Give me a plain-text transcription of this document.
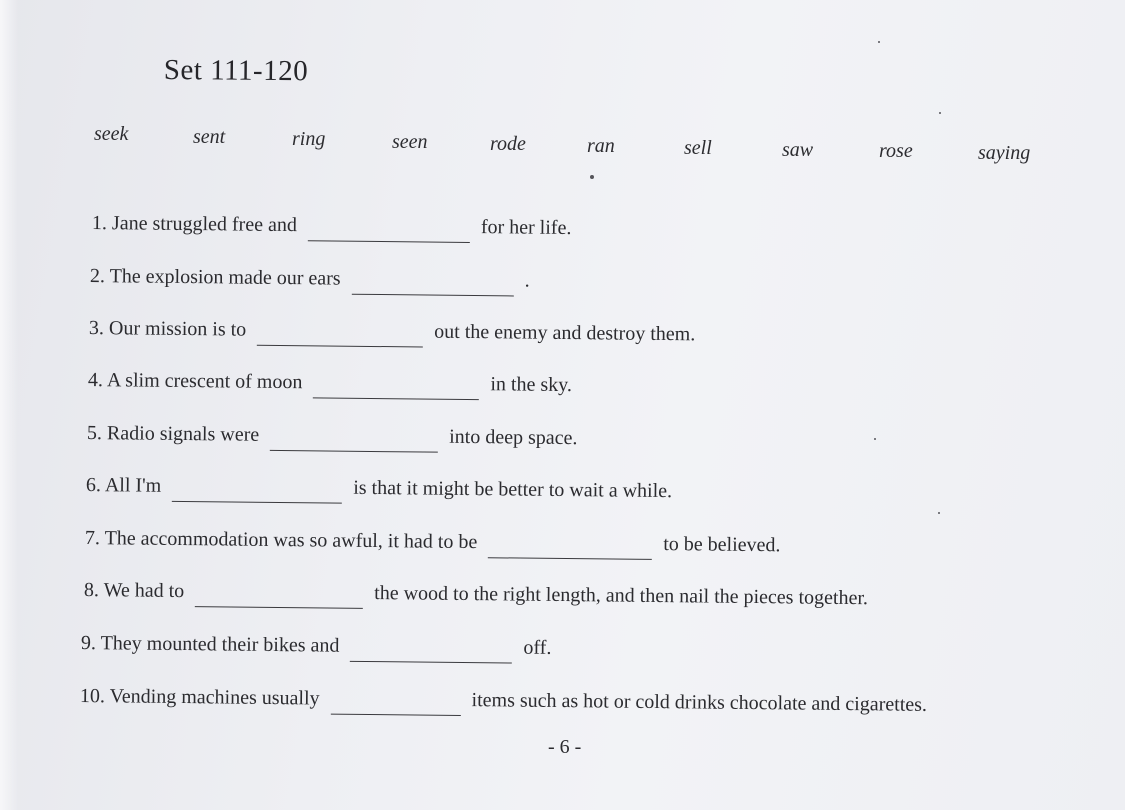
Set 111-120
seek	sent	ring	seen	rode	ran	sell	saw	rose	saying
1. Jane struggled free and	for her life.
2. The explosion made our ears	.
3. Our mission is to	out the enemy and destroy them.
4. A slim crescent of moon	in the sky.
5. Radio signals were	into deep space.
6. All I'm	is that it might be better to wait a while.
7. The accommodation was so awful, it had to be	to be believed.
8. We had to	the wood to the right length, and then nail the pieces together.
9. They mounted their bikes and	off.
10. Vending machines usually	items such as hot or cold drinks chocolate and cigarettes.
- 6 -
